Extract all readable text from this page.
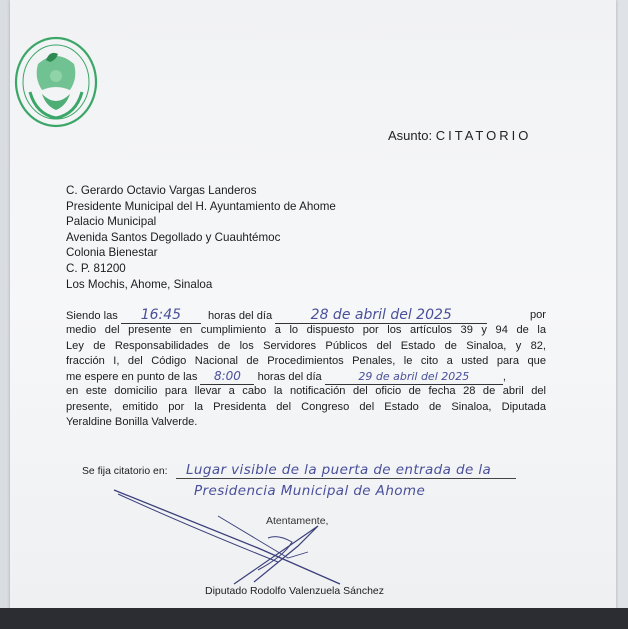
Asunto: CITATORIO
C. Gerardo Octavio Vargas Landeros
Presidente Municipal del H. Ayuntamiento de Ahome
Palacio Municipal
Avenida Santos Degollado y Cuauhtémoc
Colonia Bienestar
C. P. 81200
Los Mochis, Ahome, Sinaloa
Siendo las 16:45 horas del día	28 de abril del 2025	por
medio del presente en cumplimiento a lo dispuesto por los artículos 39 y 94 de la
Ley de Responsabilidades de los Servidores Públicos del Estado de Sinaloa, y 82,
fracción I, del Código Nacional de Procedimientos Penales, le cito a usted para que
me espere en punto de las 8:00 horas del día	29 de abril del 2025	,
en este domicilio para llevar a cabo la notificación del oficio de fecha 28 de abril del
presente, emitido por la Presidenta del Congreso del Estado de Sinaloa, Diputada
Yeraldine Bonilla Valverde.
Se fija citatorio en: Lugar visible de la puerta de entrada de la
Presidencia Municipal de Ahome
Atentamente,
Diputado Rodolfo Valenzuela Sánchez
